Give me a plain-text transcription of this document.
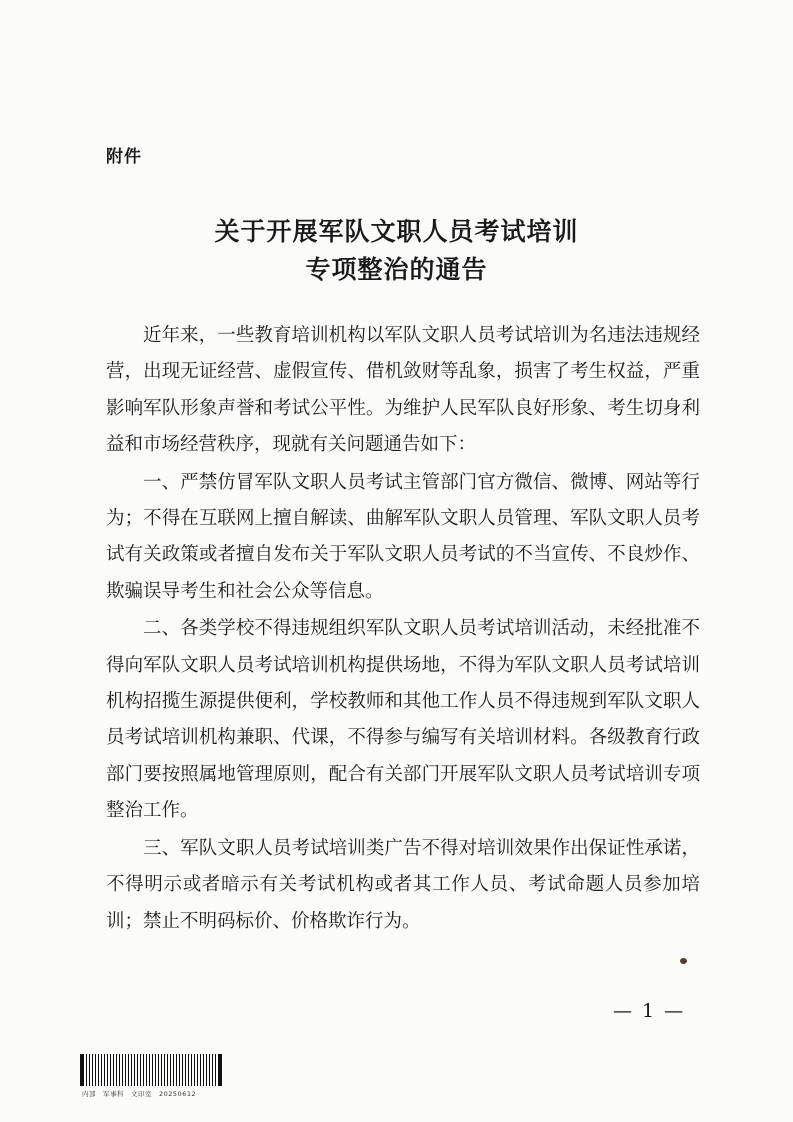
附件
关于开展军队文职人员考试培训
专项整治的通告

近年来，一些教育培训机构以军队文职人员考试培训为名违法违规经营，出现无证经营、虚假宣传、借机敛财等乱象，损害了考生权益，严重影响军队形象声誉和考试公平性。为维护人民军队良好形象、考生切身利益和市场经营秩序，现就有关问题通告如下：

一、严禁仿冒军队文职人员考试主管部门官方微信、微博、网站等行为；不得在互联网上擅自解读、曲解军队文职人员管理、军队文职人员考试有关政策或者擅自发布关于军队文职人员考试的不当宣传、不良炒作、欺骗误导考生和社会公众等信息。

二、各类学校不得违规组织军队文职人员考试培训活动，未经批准不得向军队文职人员考试培训机构提供场地，不得为军队文职人员考试培训机构招揽生源提供便利，学校教师和其他工作人员不得违规到军队文职人员考试培训机构兼职、代课，不得参与编写有关培训材料。各级教育行政部门要按照属地管理原则，配合有关部门开展军队文职人员考试培训专项整治工作。

三、军队文职人员考试培训类广告不得对培训效果作出保证性承诺，不得明示或者暗示有关考试机构或者其工作人员、考试命题人员参加培训；禁止不明码标价、价格欺诈行为。

— 1 —
内部　军事科　文印室　20250612
